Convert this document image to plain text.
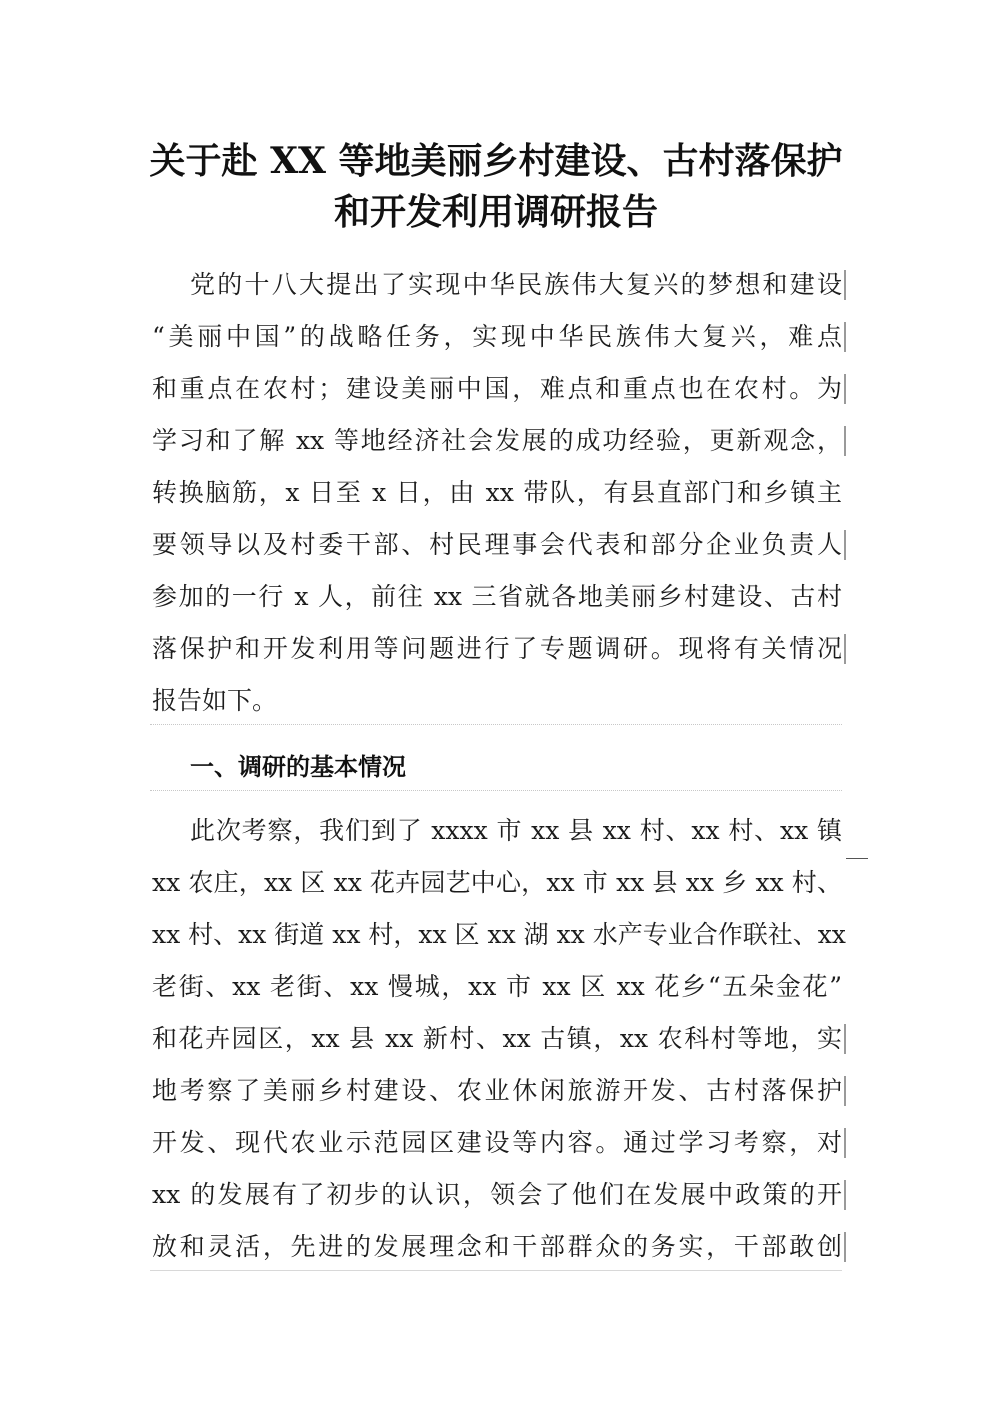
关于赴 XX 等地美丽乡村建设、古村落保护
和开发利用调研报告
党的十八大提出了实现中华民族伟大复兴的梦想和建设
“美丽中国”的战略任务，实现中华民族伟大复兴，难点
和重点在农村；建设美丽中国，难点和重点也在农村。为
学习和了解 xx 等地经济社会发展的成功经验，更新观念，
转换脑筋，x 日至 x 日，由 xx 带队，有县直部门和乡镇主
要领导以及村委干部、村民理事会代表和部分企业负责人
参加的一行 x 人，前往 xx 三省就各地美丽乡村建设、古村
落保护和开发利用等问题进行了专题调研。现将有关情况
报告如下。
一、调研的基本情况
此次考察，我们到了 xxxx 市 xx 县 xx 村、xx 村、xx 镇
xx 农庄，xx 区 xx 花卉园艺中心，xx 市 xx 县 xx 乡 xx 村、
xx 村、xx 街道 xx 村，xx 区 xx 湖 xx 水产专业合作联社、xx
老街、xx 老街、xx 慢城，xx 市 xx 区 xx 花乡“五朵金花”
和花卉园区，xx 县 xx 新村、xx 古镇，xx 农科村等地，实
地考察了美丽乡村建设、农业休闲旅游开发、古村落保护
开发、现代农业示范园区建设等内容。通过学习考察，对
xx 的发展有了初步的认识，领会了他们在发展中政策的开
放和灵活，先进的发展理念和干部群众的务实，干部敢创
